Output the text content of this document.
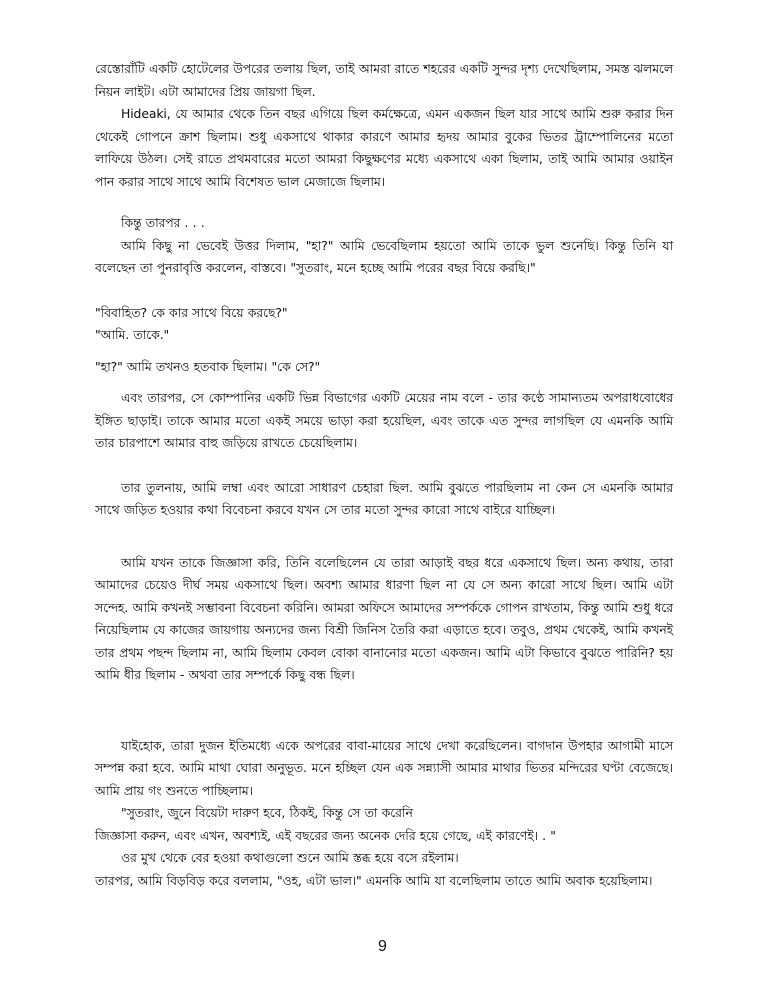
রেস্তোরাঁটি একটি হোটেলের উপরের তলায় ছিল, তাই আমরা রাতে শহরের একটি সুন্দর দৃশ্য দেখেছিলাম, সমস্ত ঝলমলে নিয়ন লাইট। এটা আমাদের প্রিয় জায়গা ছিল.

Hideaki, যে আমার থেকে তিন বছর এগিয়ে ছিল কর্মক্ষেত্রে, এমন একজন ছিল যার সাথে আমি শুরু করার দিন থেকেই গোপনে ক্রাশ ছিলাম। শুধু একসাথে থাকার কারণে আমার হৃদয় আমার বুকের ভিতর ট্রাম্পোলিনের মতো লাফিয়ে উঠল। সেই রাতে প্রথমবারের মতো আমরা কিছুক্ষণের মধ্যে একসাথে একা ছিলাম, তাই আমি আমার ওয়াইন পান করার সাথে সাথে আমি বিশেষত ভাল মেজাজে ছিলাম।

কিন্তু তারপর . . .

আমি কিছু না ভেবেই উত্তর দিলাম, "হা?" আমি ভেবেছিলাম হয়তো আমি তাকে ভুল শুনেছি। কিন্তু তিনি যা বলেছেন তা পুনরাবৃত্তি করলেন, বাস্তবে। "সুতরাং, মনে হচ্ছে আমি পরের বছর বিয়ে করছি।"

"বিবাহিত? কে কার সাথে বিয়ে করছে?"

"আমি. তাকে."

"হা?" আমি তখনও হতবাক ছিলাম। "কে সে?"

এবং তারপর, সে কোম্পানির একটি ভিন্ন বিভাগের একটি মেয়ের নাম বলে - তার কণ্ঠে সামান্যতম অপরাধবোধের ইঙ্গিত ছাড়াই। তাকে আমার মতো একই সময়ে ভাড়া করা হয়েছিল, এবং তাকে এত সুন্দর লাগছিল যে এমনকি আমি তার চারপাশে আমার বাহু জড়িয়ে রাখতে চেয়েছিলাম।

তার তুলনায়, আমি লম্বা এবং আরো সাধারণ চেহারা ছিল. আমি বুঝতে পারছিলাম না কেন সে এমনকি আমার সাথে জড়িত হওয়ার কথা বিবেচনা করবে যখন সে তার মতো সুন্দর কারো সাথে বাইরে যাচ্ছিল।

আমি যখন তাকে জিজ্ঞাসা করি, তিনি বলেছিলেন যে তারা আড়াই বছর ধরে একসাথে ছিল। অন্য কথায়, তারা আমাদের চেয়েও দীর্ঘ সময় একসাথে ছিল। অবশ্য আমার ধারণা ছিল না যে সে অন্য কারো সাথে ছিল। আমি এটা সন্দেহ. আমি কখনই সম্ভাবনা বিবেচনা করিনি। আমরা অফিসে আমাদের সম্পর্ককে গোপন রাখতাম, কিন্তু আমি শুধু ধরে নিয়েছিলাম যে কাজের জায়গায় অন্যদের জন্য বিশ্রী জিনিস তৈরি করা এড়াতে হবে। তবুও, প্রথম থেকেই, আমি কখনই তার প্রথম পছন্দ ছিলাম না, আমি ছিলাম কেবল বোকা বানানোর মতো একজন। আমি এটা কিভাবে বুঝতে পারিনি? হয় আমি ধীর ছিলাম - অথবা তার সম্পর্কে কিছু বন্ধ ছিল।

যাইহোক, তারা দুজন ইতিমধ্যে একে অপরের বাবা-মায়ের সাথে দেখা করেছিলেন। বাগদান উপহার আগামী মাসে সম্পন্ন করা হবে. আমি মাথা ঘোরা অনুভূত. মনে হচ্ছিল যেন এক সন্ন্যাসী আমার মাথার ভিতর মন্দিরের ঘণ্টা বেজেছে। আমি প্রায় গং শুনতে পাচ্ছিলাম।

"সুতরাং, জুনে বিয়েটা দারুণ হবে, ঠিকই, কিন্তু সে তা করেনি

জিজ্ঞাসা করুন, এবং এখন, অবশ্যই, এই বছরের জন্য অনেক দেরি হয়ে গেছে, এই কারণেই। . "

ওর মুখ থেকে বের হওয়া কথাগুলো শুনে আমি স্তব্ধ হয়ে বসে রইলাম।

তারপর, আমি বিড়বিড় করে বললাম, "ওহ, এটা ভাল।" এমনকি আমি যা বলেছিলাম তাতে আমি অবাক হয়েছিলাম।

9
